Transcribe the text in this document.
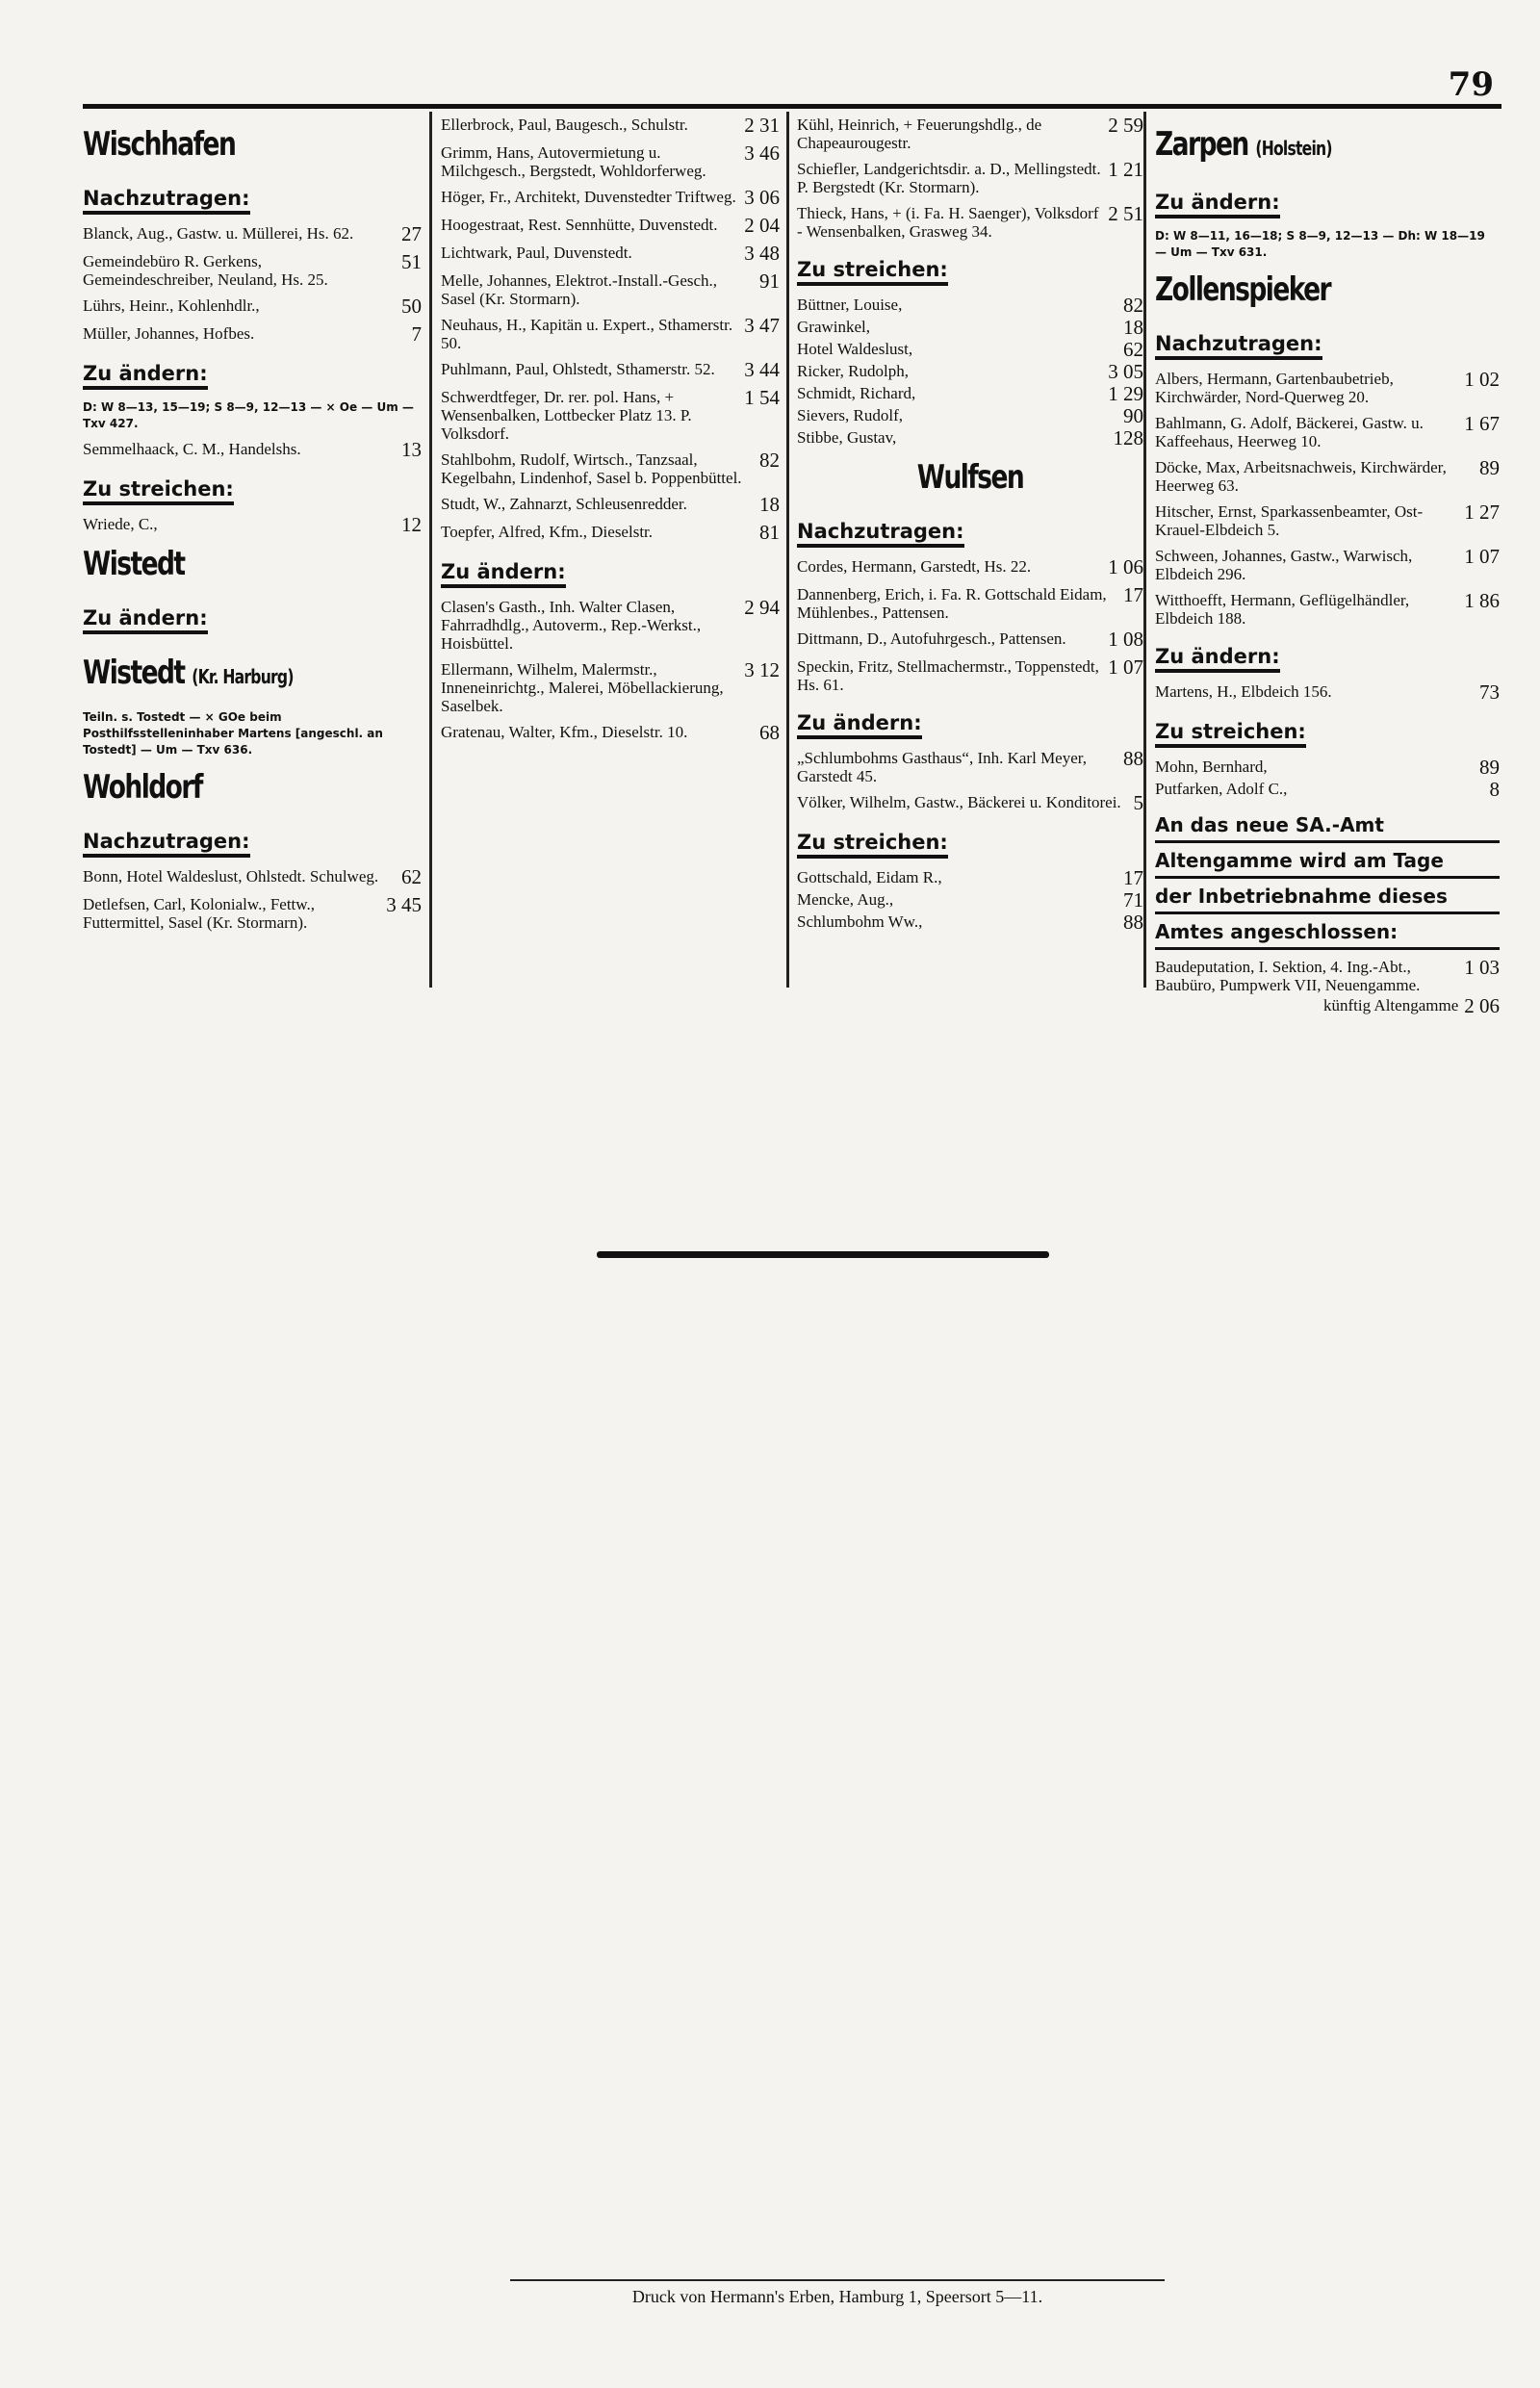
79
Wischhafen
Nachzutragen:
27
Blanck, Aug., Gastw. u. Müllerei, Hs. 62.
51
Gemeindebüro R. Gerkens, Gemeindeschreiber, Neuland, Hs. 25.
50
Lührs, Heinr., Kohlenhdlr.,
7
Müller, Johannes, Hofbes.
Zu ändern:
D: W 8—13, 15—19; S 8—9, 12—13 — × Oe — Um — Txv 427.
13
Semmelhaack, C. M., Handelshs.
Zu streichen:
12
Wriede, C.,
Wistedt
Zu ändern:
Wistedt (Kr. Harburg)
Teiln. s. Tostedt — × GOe beim Posthilfsstelleninhaber Martens [angeschl. an Tostedt] — Um — Txv 636.
Wohldorf
Nachzutragen:
62
Bonn, Hotel Waldeslust, Ohlstedt. Schulweg.
3 45
Detlefsen, Carl, Kolonialw., Fettw., Futtermittel, Sasel (Kr. Stormarn).
2 31
Ellerbrock, Paul, Baugesch., Schulstr.
3 46
Grimm, Hans, Autovermietung u. Milchgesch., Bergstedt, Wohldorferweg.
3 06
Höger, Fr., Architekt, Duvenstedter Triftweg.
2 04
Hoogestraat, Rest. Sennhütte, Duvenstedt.
3 48
Lichtwark, Paul, Duvenstedt.
91
Melle, Johannes, Elektrot.-Install.-Gesch., Sasel (Kr. Stormarn).
3 47
Neuhaus, H., Kapitän u. Expert., Sthamerstr. 50.
3 44
Puhlmann, Paul, Ohlstedt, Sthamerstr. 52.
1 54
Schwerdtfeger, Dr. rer. pol. Hans, + Wensenbalken, Lottbecker Platz 13. P. Volksdorf.
82
Stahlbohm, Rudolf, Wirtsch., Tanzsaal, Kegelbahn, Lindenhof, Sasel b. Poppenbüttel.
18
Studt, W., Zahnarzt, Schleusenredder.
81
Toepfer, Alfred, Kfm., Dieselstr.
Zu ändern:
2 94
Clasen's Gasth., Inh. Walter Clasen, Fahrradhdlg., Autoverm., Rep.-Werkst., Hoisbüttel.
3 12
Ellermann, Wilhelm, Malermstr., Inneneinrichtg., Malerei, Möbellackierung, Saselbek.
68
Gratenau, Walter, Kfm., Dieselstr. 10.
2 59
Kühl, Heinrich, + Feuerungshdlg., de Chapeaurougestr.
1 21
Schiefler, Landgerichtsdir. a. D., Mellingstedt. P. Bergstedt (Kr. Stormarn).
2 51
Thieck, Hans, + (i. Fa. H. Saenger), Volksdorf - Wensenbalken, Grasweg 34.
Zu streichen:
82
Büttner, Louise,
18
Grawinkel,
62
Hotel Waldeslust,
3 05
Ricker, Rudolph,
1 29
Schmidt, Richard,
90
Sievers, Rudolf,
128
Stibbe, Gustav,
Wulfsen
Nachzutragen:
1 06
Cordes, Hermann, Garstedt, Hs. 22.
17
Dannenberg, Erich, i. Fa. R. Gottschald Eidam, Mühlenbes., Pattensen.
1 08
Dittmann, D., Autofuhrgesch., Pattensen.
1 07
Speckin, Fritz, Stellmachermstr., Toppenstedt, Hs. 61.
Zu ändern:
88
„Schlumbohms Gasthaus“, Inh. Karl Meyer, Garstedt 45.
5
Völker, Wilhelm, Gastw., Bäckerei u. Konditorei.
Zu streichen:
17
Gottschald, Eidam R.,
71
Mencke, Aug.,
88
Schlumbohm Ww.,
Zarpen (Holstein)
Zu ändern:
D: W 8—11, 16—18; S 8—9, 12—13 — Dh: W 18—19 — Um — Txv 631.
Zollenspieker
Nachzutragen:
1 02
Albers, Hermann, Gartenbaubetrieb, Kirchwärder, Nord-Querweg 20.
1 67
Bahlmann, G. Adolf, Bäckerei, Gastw. u. Kaffeehaus, Heerweg 10.
89
Döcke, Max, Arbeitsnachweis, Kirchwärder, Heerweg 63.
1 27
Hitscher, Ernst, Sparkassenbeamter, Ost-Krauel-Elbdeich 5.
1 07
Schween, Johannes, Gastw., Warwisch, Elbdeich 296.
1 86
Witthoefft, Hermann, Geflügelhändler, Elbdeich 188.
Zu ändern:
73
Martens, H., Elbdeich 156.
Zu streichen:
89
Mohn, Bernhard,
8
Putfarken, Adolf C.,
An das neue SA.-Amt
Altengamme wird am Tage
der Inbetriebnahme dieses
Amtes angeschlossen:
1 03
Baudeputation, I. Sektion, 4. Ing.-Abt., Baubüro, Pumpwerk VII, Neuengamme.
2 06
künftig Altengamme
Druck von Hermann's Erben, Hamburg 1, Speersort 5—11.
